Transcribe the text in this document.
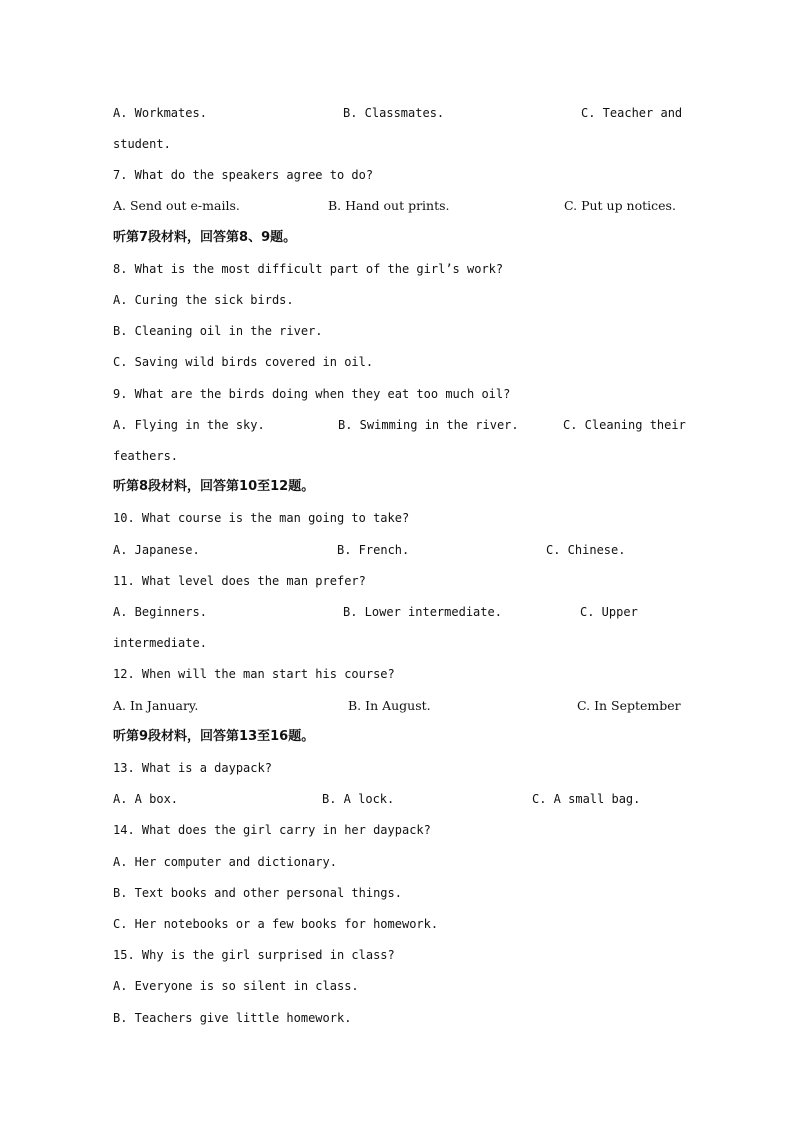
A. Workmates.

	B. Classmates.

	C. Teacher and

student.
7. What do the speakers agree to do?

A. Send out e-mails.

	B. Hand out prints.

	C. Put up notices.

听第7段材料，回答第8、9题。
8. What is the most difficult part of the girl’s work?
A. Curing the sick birds.
B. Cleaning oil in the river.
C. Saving wild birds covered in oil.
9. What are the birds doing when they eat too much oil?

A. Flying in the sky.

	B. Swimming in the river.

	C. Cleaning their

feathers.
听第8段材料，回答第10至12题。
10. What course is the man going to take?

A. Japanese.

	B. French.

	C. Chinese.

11. What level does the man prefer?

A. Beginners.

	B. Lower intermediate.

	C. Upper

intermediate.
12. When will the man start his course?

A. In January.

	B. In August.

	C. In September

听第9段材料，回答第13至16题。
13. What is a daypack?

A. A box.

	B. A lock.

	C. A small bag.

14. What does the girl carry in her daypack?
A. Her computer and dictionary.
B. Text books and other personal things.
C. Her notebooks or a few books for homework.
15. Why is the girl surprised in class?
A. Everyone is so silent in class.
B. Teachers give little homework.
